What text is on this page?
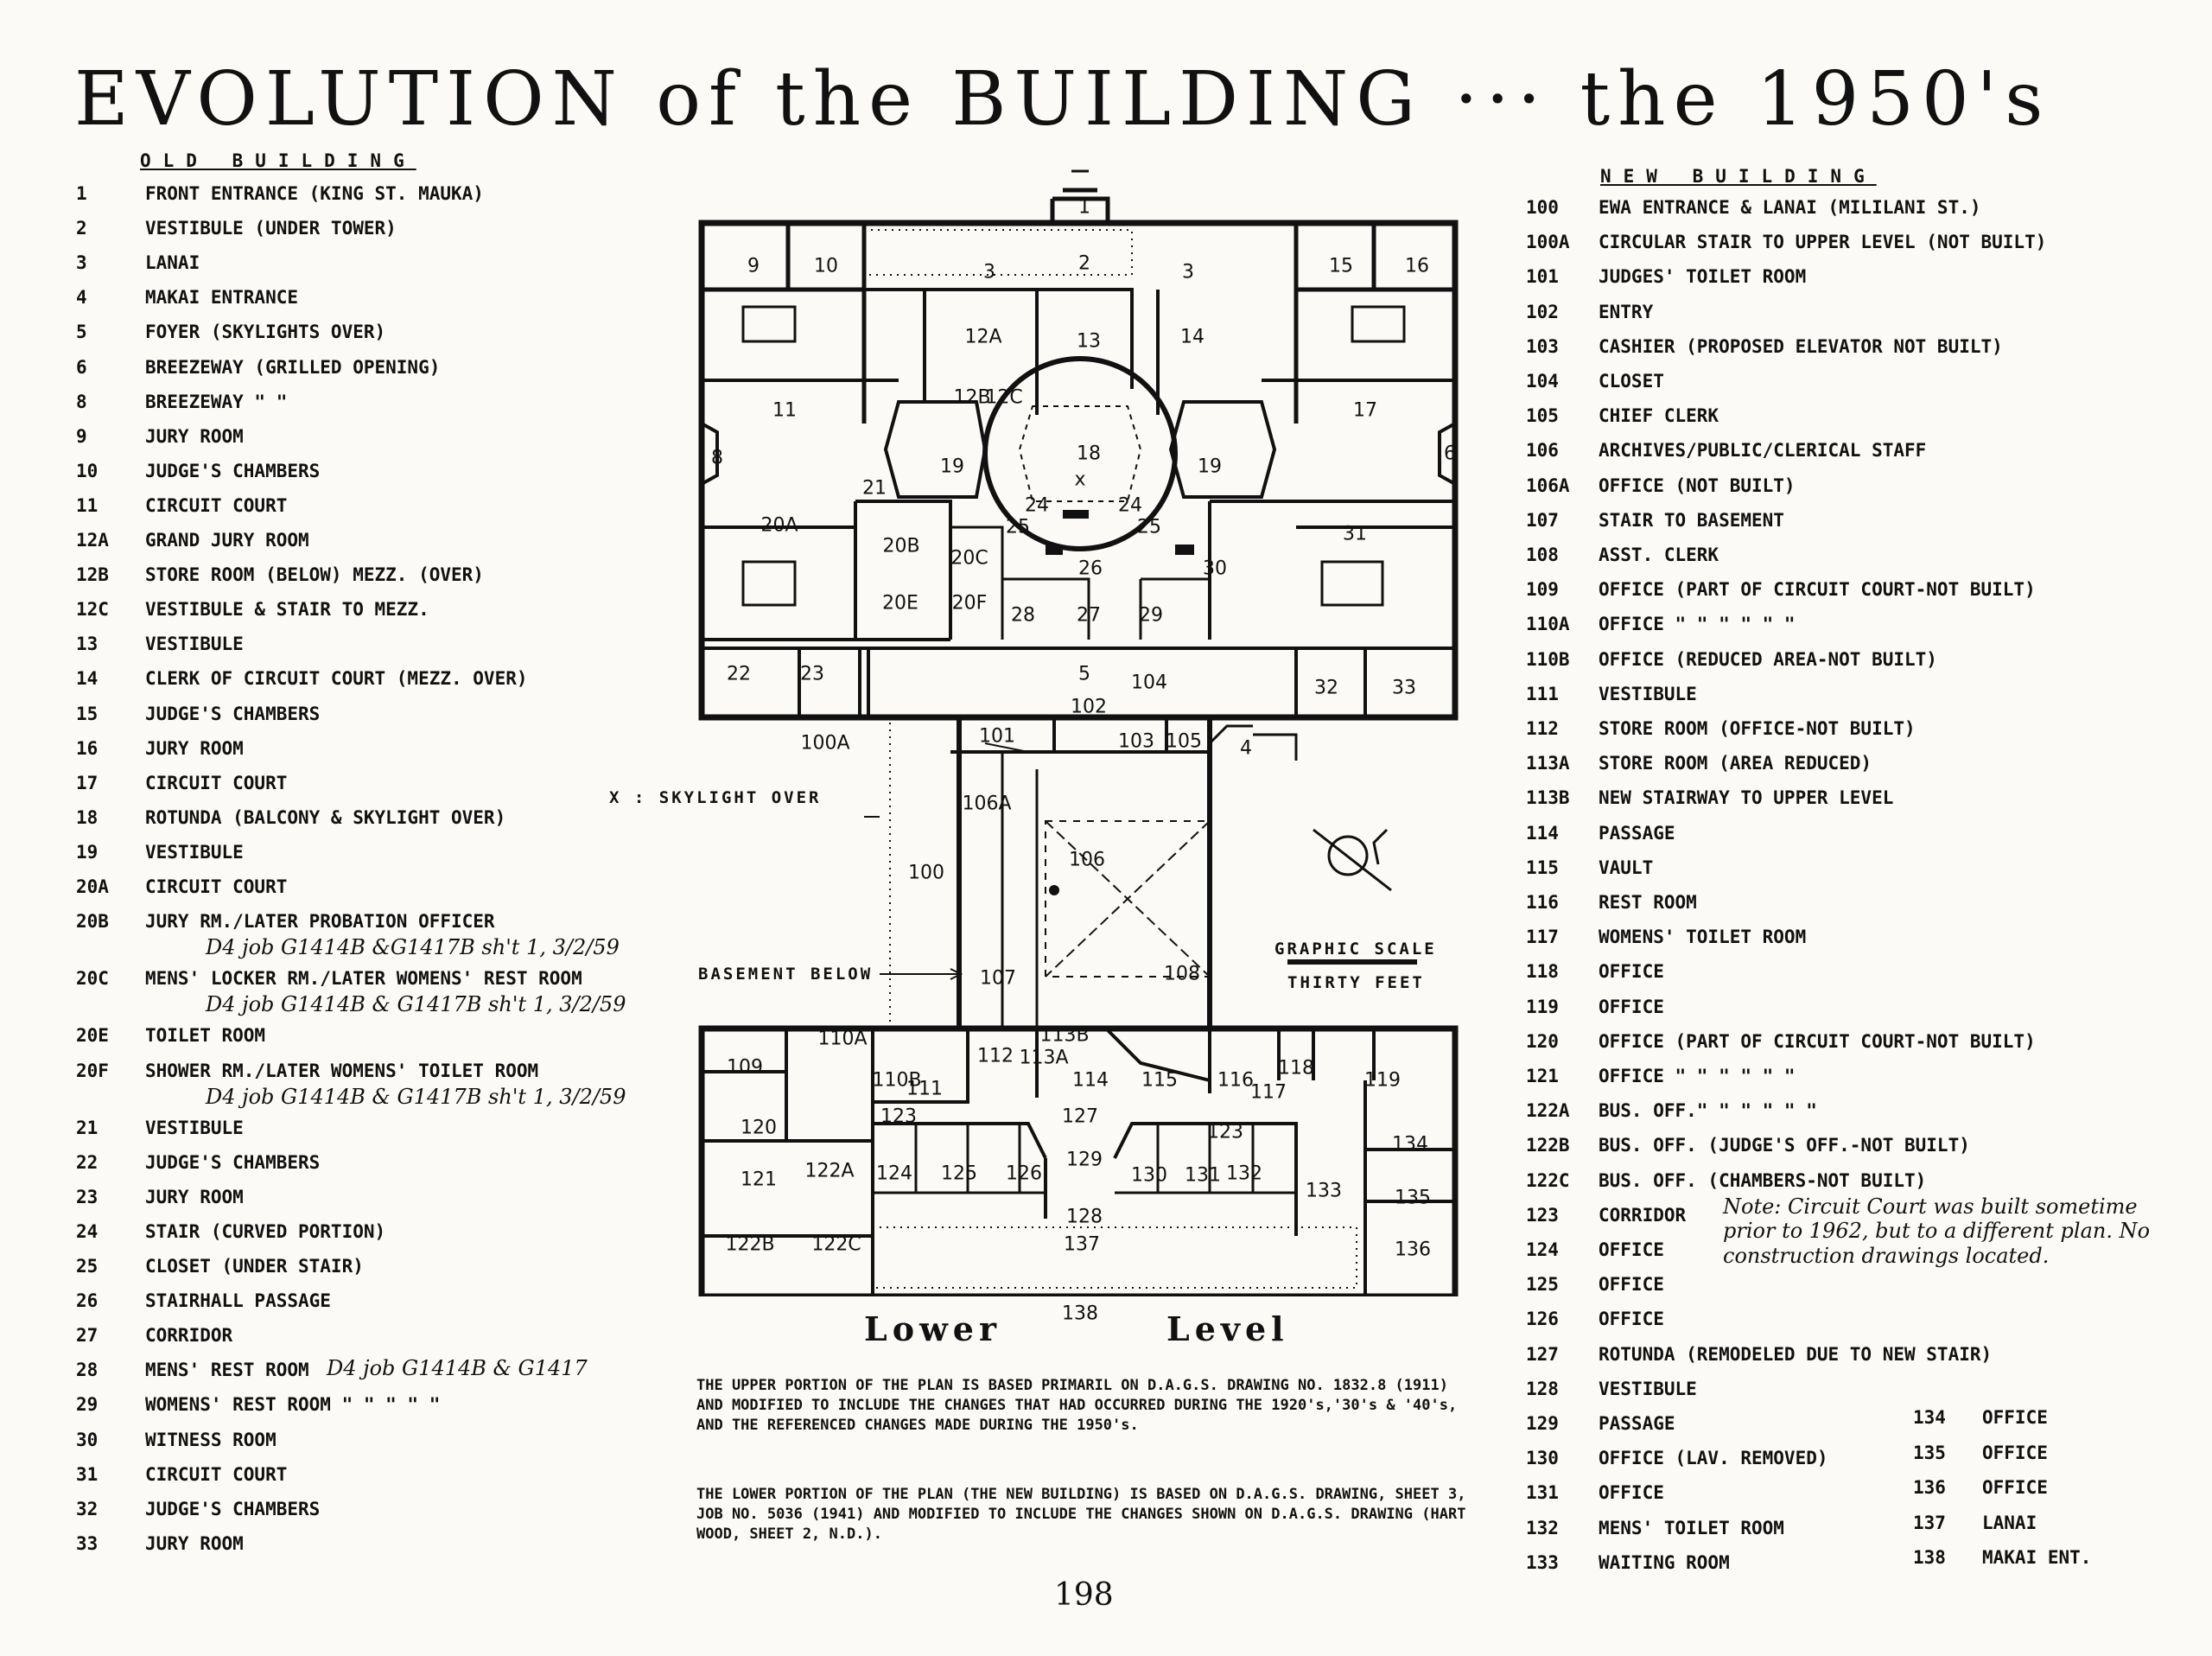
EVOLUTION of the BUILDING ··· the 1950's
OLD BUILDING
1	FRONT ENTRANCE (KING ST. MAUKA)
2	VESTIBULE (UNDER TOWER)
3	LANAI
4	MAKAI ENTRANCE
5	FOYER (SKYLIGHTS OVER)
6	BREEZEWAY (GRILLED OPENING)
8	BREEZEWAY " "
9	JURY ROOM
10	JUDGE'S CHAMBERS
11	CIRCUIT COURT
12A	GRAND JURY ROOM
12B	STORE ROOM (BELOW) MEZZ. (OVER)
12C	VESTIBULE & STAIR TO MEZZ.
13	VESTIBULE
14	CLERK OF CIRCUIT COURT (MEZZ. OVER)
15	JUDGE'S CHAMBERS
16	JURY ROOM
17	CIRCUIT COURT
18	ROTUNDA (BALCONY & SKYLIGHT OVER)
19	VESTIBULE
20A	CIRCUIT COURT
20B	JURY RM./LATER PROBATION OFFICER
D4 job G1414B &G1417B sh't 1, 3/2/59
20C	MENS' LOCKER RM./LATER WOMENS' REST ROOM
D4 job G1414B & G1417B sh't 1, 3/2/59
20E	TOILET ROOM
20F	SHOWER RM./LATER WOMENS' TOILET ROOM
D4 job G1414B & G1417B sh't 1, 3/2/59
21	VESTIBULE
22	JUDGE'S CHAMBERS
23	JURY ROOM
24	STAIR (CURVED PORTION)
25	CLOSET (UNDER STAIR)
26	STAIRHALL PASSAGE
27	CORRIDOR
28	MENS' REST ROOM D4 job G1414B & G1417
29	WOMENS' REST ROOM " " " " "
30	WITNESS ROOM
31	CIRCUIT COURT
32	JUDGE'S CHAMBERS
33	JURY ROOM
NEW BUILDING
100	EWA ENTRANCE & LANAI (MILILANI ST.)
100A	CIRCULAR STAIR TO UPPER LEVEL (NOT BUILT)
101	JUDGES' TOILET ROOM
102	ENTRY
103	CASHIER (PROPOSED ELEVATOR NOT BUILT)
104	CLOSET
105	CHIEF CLERK
106	ARCHIVES/PUBLIC/CLERICAL STAFF
106A	OFFICE (NOT BUILT)
107	STAIR TO BASEMENT
108	ASST. CLERK
109	OFFICE (PART OF CIRCUIT COURT-NOT BUILT)
110A	OFFICE " " " " " "
110B	OFFICE (REDUCED AREA-NOT BUILT)
111	VESTIBULE
112	STORE ROOM (OFFICE-NOT BUILT)
113A	STORE ROOM (AREA REDUCED)
113B	NEW STAIRWAY TO UPPER LEVEL
114	PASSAGE
115	VAULT
116	REST ROOM
117	WOMENS' TOILET ROOM
118	OFFICE
119	OFFICE
120	OFFICE (PART OF CIRCUIT COURT-NOT BUILT)
121	OFFICE " " " " " "
122A	BUS. OFF." " " " " "
122B	BUS. OFF. (JUDGE'S OFF.-NOT BUILT)
122C	BUS. OFF. (CHAMBERS-NOT BUILT)
123	CORRIDOR
124	OFFICE
125	OFFICE
126	OFFICE
127	ROTUNDA (REMODELED DUE TO NEW STAIR)
128	VESTIBULE
129	PASSAGE
130	OFFICE (LAV. REMOVED)
131	OFFICE
132	MENS' TOILET ROOM
133	WAITING ROOM
134	OFFICE
135	OFFICE
136	OFFICE
137	LANAI
138	MAKAI ENT.
Note: Circuit Court was built sometime prior to 1962, but to a different plan. No construction drawings located.
1
2
3	3
4
5
6
8
9	10
11
12A
12B
12C
13	14
15	16
17
18
19	19
20A
20B
20C
20E 20F
21
22	23
24	24
25	25
26
27
28	29
30
31
32	33
100
100A	101
102
103
104
105
106
106A
107	108
109
110A
110B
111
112 113A
113B
114 115 116
117
118
119
120
121 122A
122B 122C
123
123
127
124 125 126
128
129
130 131 132
133
134
135
136
137
138
X : SKYLIGHT OVER
BASEMENT BELOW
GRAPHIC SCALE
THIRTY FEET
x
Lower	Level
THE UPPER PORTION OF THE PLAN IS BASED PRIMARIL ON D.A.G.S. DRAWING NO. 1832.8 (1911) AND MODIFIED TO INCLUDE THE CHANGES THAT HAD OCCURRED DURING THE 1920's,'30's & '40's, AND THE REFERENCED CHANGES MADE DURING THE 1950's.
THE LOWER PORTION OF THE PLAN (THE NEW BUILDING) IS BASED ON D.A.G.S. DRAWING, SHEET 3, JOB NO. 5036 (1941) AND MODIFIED TO INCLUDE THE CHANGES SHOWN ON D.A.G.S. DRAWING (HART WOOD, SHEET 2, N.D.).
198
